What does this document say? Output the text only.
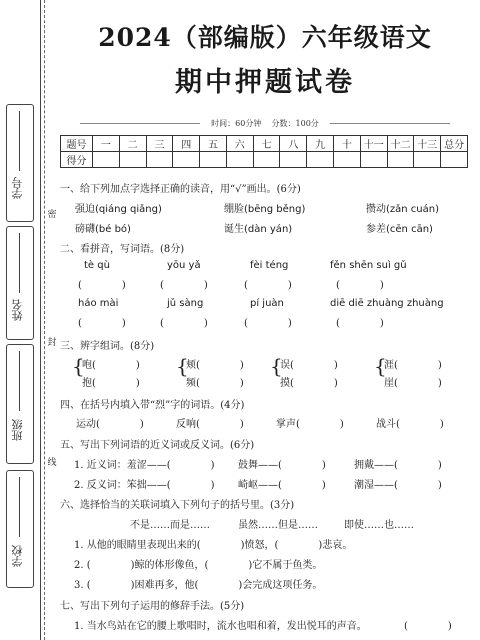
学号
姓名
班级
学校
密
封
线
2024（部编版）六年级语文
期中押题试卷
时间：60分钟 分数：100分
题号	一	二	三	四	五	六	七	八	九	十	十一	十二	十三	总分
得分														
一、给下列加点字选择正确的读音，用“√”画出。(6分)
强迫(qiáng qiǎng)	绷脸(bēng běng)	攒动(zǎn cuán)
磅礴(bé bó)	诞生(dàn yán)	参差(cēn cān)
二、看拼音，写词语。(8分)
tè qù	yōu yǎ	fèi téng	fěn shēn suì gǔ
(　　　　)	(　　　　)	(　　　　)	(　　　　)
háo mài	jǔ sàng	pí juàn	diē diē zhuàng zhuàng
(　　　　)	(　　　　)	(　　　　)	(　　　　)
三、辨字组词。(8分)
{
咆(　　　　)
抱(　　　　)
{
颊(　　　　)
频(　　　　)
{
误(　　　　)
摸(　　　　)
{
涯(　　　　)
崖(　　　　)
四、在括号内填入带“烈”字的词语。(4分)
运动(　　　　)	反响(　　　　)	掌声(　　　　)	战斗(　　　　)
五、写出下列词语的近义词或反义词。(6分)
1. 近义词：羞涩——(　　　　) 鼓舞——(　　　　)	拥戴——(　　　　)
2. 反义词：笨拙——(　　　　) 崎岖——(　　　　)	潮湿——(　　　　)
六、选择恰当的关联词填入下列句子的括号里。(3分)
不是……而是……	虽然……但是……	即使……也……
1. 从他的眼睛里表现出来的(　　　　)愤怒，(　　　　)悲哀。
2. (　　　　)鲸的体形像鱼，(　　　　)它不属于鱼类。
3. (　　　　)困难再多，他(　　　　)会完成这项任务。
七、写出下列句子运用的修辞手法。(5分)
1. 当水鸟站在它的腰上歌唱时，流水也唱和着，发出悦耳的声音。	(　　　　)
